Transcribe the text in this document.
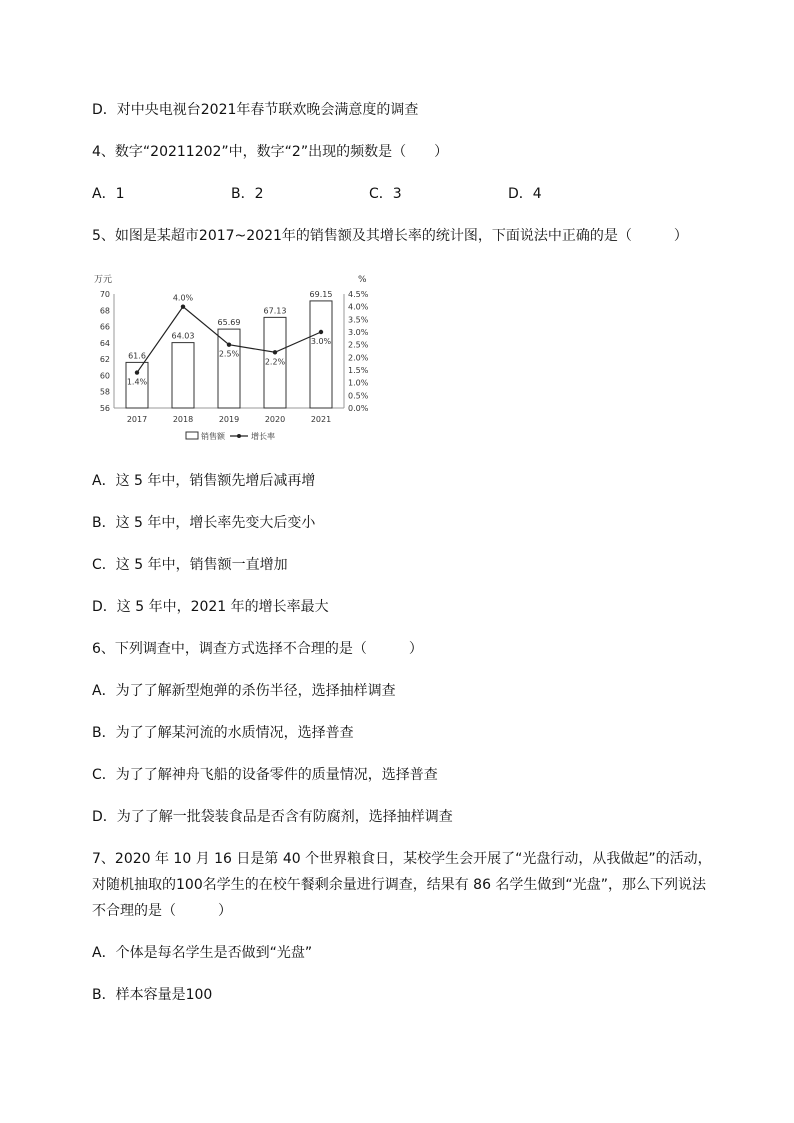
D．对中央电视台2021年春节联欢晚会满意度的调查
4、数字“20211202”中，数字“2”出现的频数是（　　）
A．1	B．2	C．3	D．4
5、如图是某超市2017~2021年的销售额及其增长率的统计图，下面说法中正确的是（　　　）
万元	%
70
68
66
64
62
60
58
56
4.5%
4.0%
3.5%
3.0%
2.5%
2.0%
1.5%
1.0%
0.5%
0.0%
61.6
64.03
65.69
67.13
69.15
1.4%
4.0%
2.5%
2.2%
3.0%
2017	2018	2019	2020	2021
销售额	增长率
A．这 5 年中，销售额先增后减再增
B．这 5 年中，增长率先变大后变小
C．这 5 年中，销售额一直增加
D．这 5 年中，2021 年的增长率最大
6、下列调查中，调查方式选择不合理的是（　　　）
A．为了了解新型炮弹的杀伤半径，选择抽样调查
B．为了了解某河流的水质情况，选择普查
C．为了了解神舟飞船的设备零件的质量情况，选择普查
D．为了了解一批袋装食品是否含有防腐剂，选择抽样调查
7、2020 年 10 月 16 日是第 40 个世界粮食日，某校学生会开展了“光盘行动，从我做起”的活动，
对随机抽取的100名学生的在校午餐剩余量进行调查，结果有 86 名学生做到“光盘”，那么下列说法
不合理的是（　　　）
A．个体是每名学生是否做到“光盘”
B．样本容量是100
